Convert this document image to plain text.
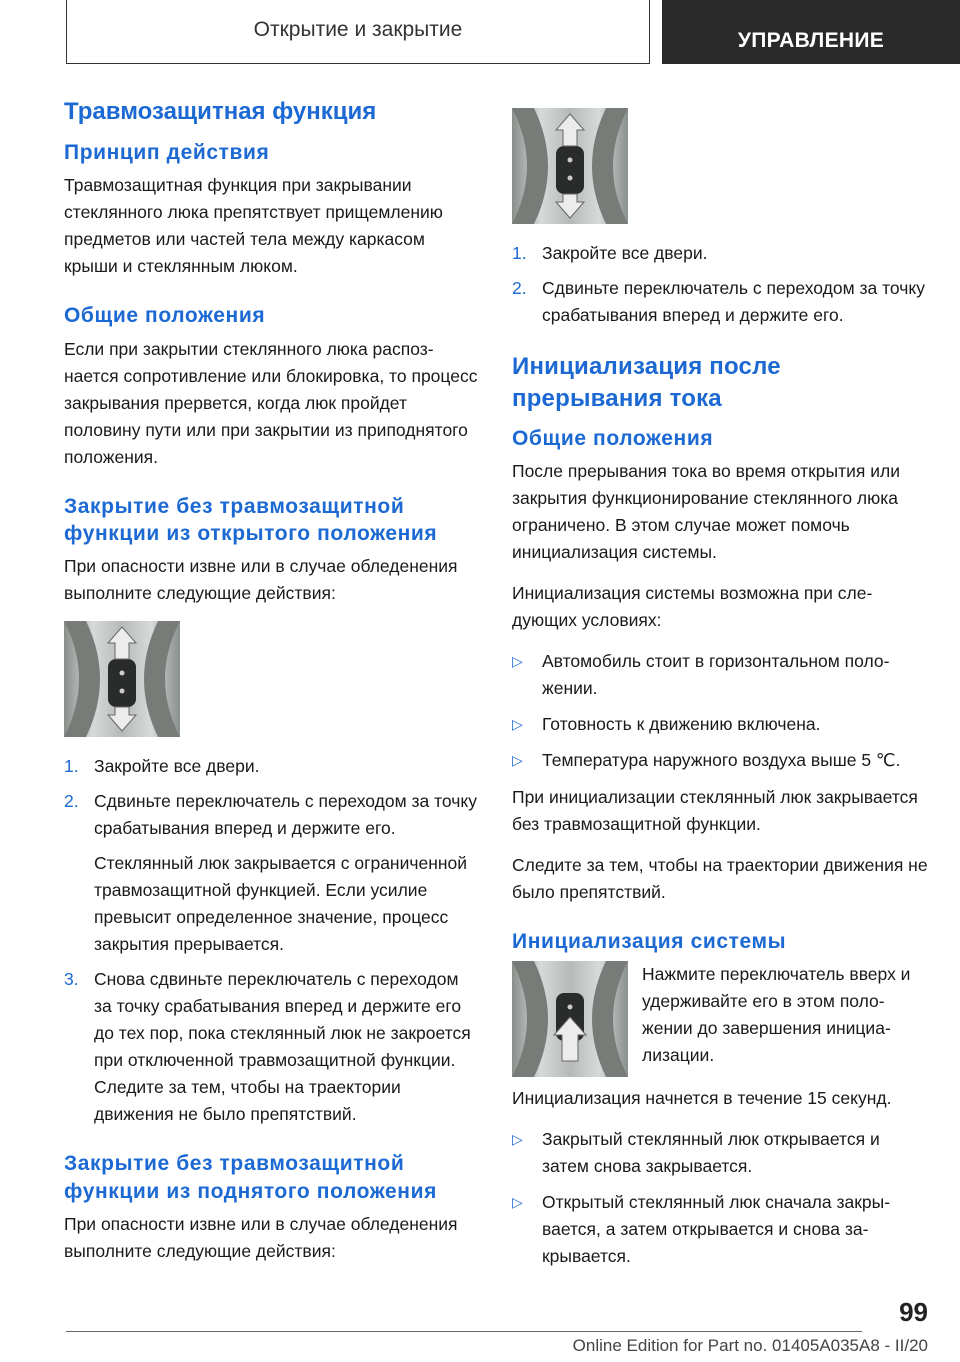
Открытие и закрытие	УПРАВЛЕНИЕ
Травмозащитная функция
Принцип действия

Травмозащитная функция при закрывании стеклянного люка препятствует прищемлению предметов или частей тела между каркасом крыши и стеклянным люком.

Общие положения

Если при закрытии стеклянного люка распознается сопротивление или блокировка, то процесс закрывания прервется, когда люк пройдет половину пути или при закрытии из приподнятого положения.

Закрытие без травмозащитной функции из открытого положения

При опасности извне или в случае обледенения выполните следующие действия:

1. Закройте все двери.
2. Сдвиньте переключатель с переходом за точку срабатывания вперед и держите его.

Стеклянный люк закрывается с ограниченной травмозащитной функцией. Если усилие превысит определенное значение, процесс закрытия прерывается.

3. Снова сдвиньте переключатель с переходом за точку срабатывания вперед и держите его до тех пор, пока стеклянный люк не закроется при отключенной травмозащитной функции. Следите за тем, чтобы на траектории движения не было препятствий.
Закрытие без травмозащитной функции из поднятого положения

При опасности извне или в случае обледенения выполните следующие действия:

1. Закройте все двери.
2. Сдвиньте переключатель с переходом за точку срабатывания вперед и держите его.
Инициализация после прерывания тока
Общие положения

После прерывания тока во время открытия или закрытия функционирование стеклянного люка ограничено. В этом случае может помочь инициализация системы.

Инициализация системы возможна при следующих условиях:

▷ Автомобиль стоит в горизонтальном положении.
▷ Готовность к движению включена.
▷ Температура наружного воздуха выше 5 ℃.

При инициализации стеклянный люк закрывается без травмозащитной функции.

Следите за тем, чтобы на траектории движения не было препятствий.

Инициализация системы

Нажмите переключатель вверх и удерживайте его в этом положении до завершения инициализации.

Инициализация начнется в течение 15 секунд.

▷ Закрытый стеклянный люк открывается и затем снова закрывается.
▷ Открытый стеклянный люк сначала закрывается, а затем открывается и снова закрывается.
99
Online Edition for Part no. 01405A035A8 - II/20
